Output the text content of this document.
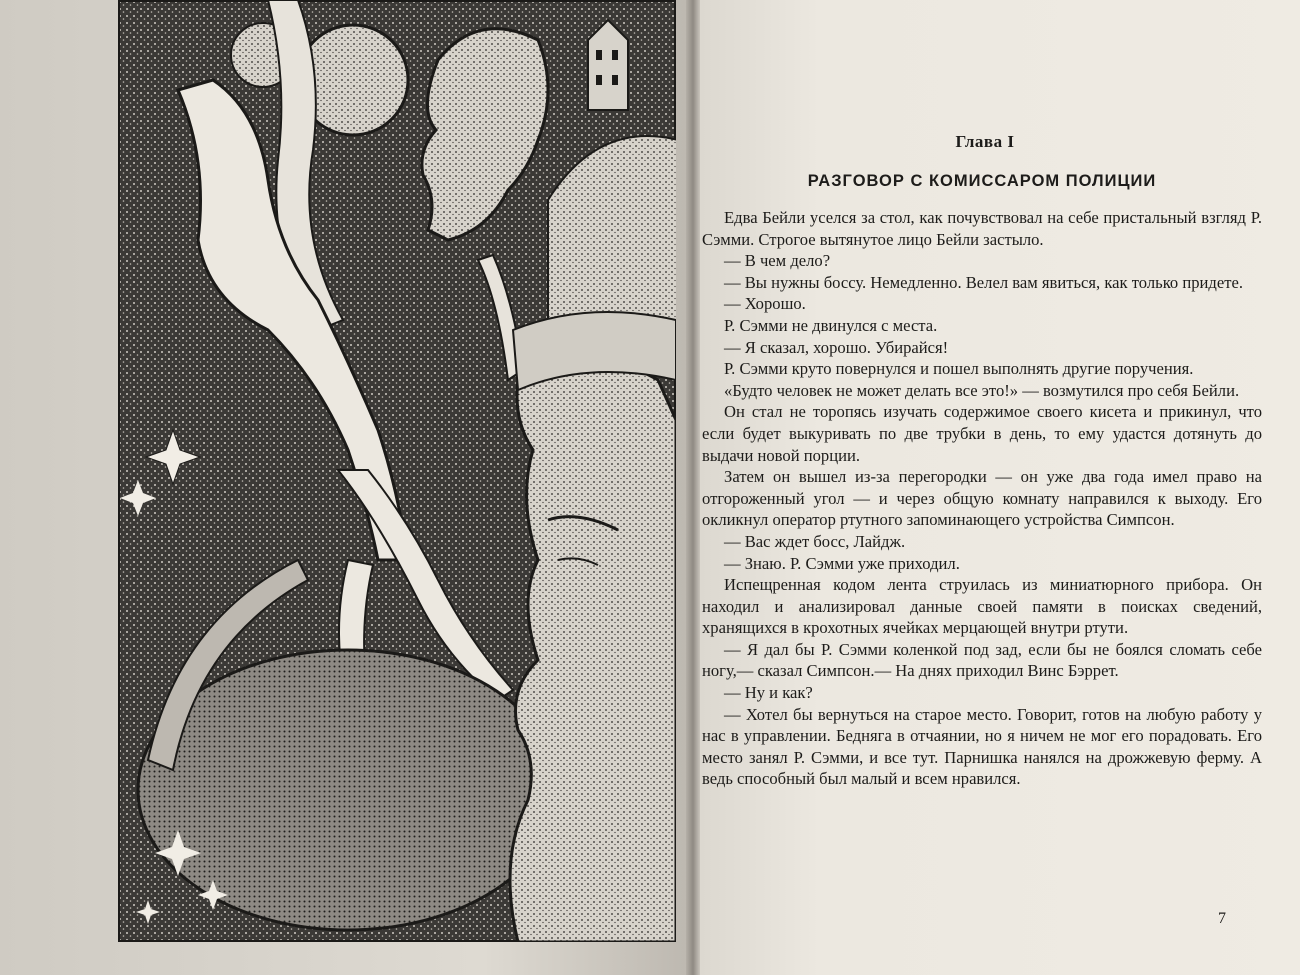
Глава I
РАЗГОВОР С КОМИССАРОМ ПОЛИЦИИ

Едва Бейли уселся за стол, как почувствовал на себе пристальный взгляд Р. Сэмми. Строгое вытянутое лицо Бейли застыло.

— В чем дело?

— Вы нужны боссу. Немедленно. Велел вам явиться, как только придете.

— Хорошо.

Р. Сэмми не двинулся с места.

— Я сказал, хорошо. Убирайся!

Р. Сэмми круто повернулся и пошел выполнять другие поручения.

«Будто человек не может делать все это!» — возмутился про себя Бейли.

Он стал не торопясь изучать содержимое своего кисета и прикинул, что если будет выкуривать по две трубки в день, то ему удастся дотянуть до выдачи новой порции.

Затем он вышел из-за перегородки — он уже два года имел право на отгороженный угол — и через общую комнату направился к выходу. Его окликнул оператор ртутного запоминающего устройства Симпсон.

— Вас ждет босс, Лайдж.

— Знаю. Р. Сэмми уже приходил.

Испещренная кодом лента струилась из миниатюрного прибора. Он находил и анализировал данные своей памяти в поисках сведений, хранящихся в крохотных ячейках мерцающей внутри ртути.

— Я дал бы Р. Сэмми коленкой под зад, если бы не боялся сломать себе ногу,— сказал Симпсон.— На днях приходил Винс Бэррет.

— Ну и как?

— Хотел бы вернуться на старое место. Говорит, готов на любую работу у нас в управлении. Бедняга в отчаянии, но я ничем не мог его порадовать. Его место занял Р. Сэмми, и все тут. Парнишка нанялся на дрожжевую ферму. А ведь способный был малый и всем нравился.

7
